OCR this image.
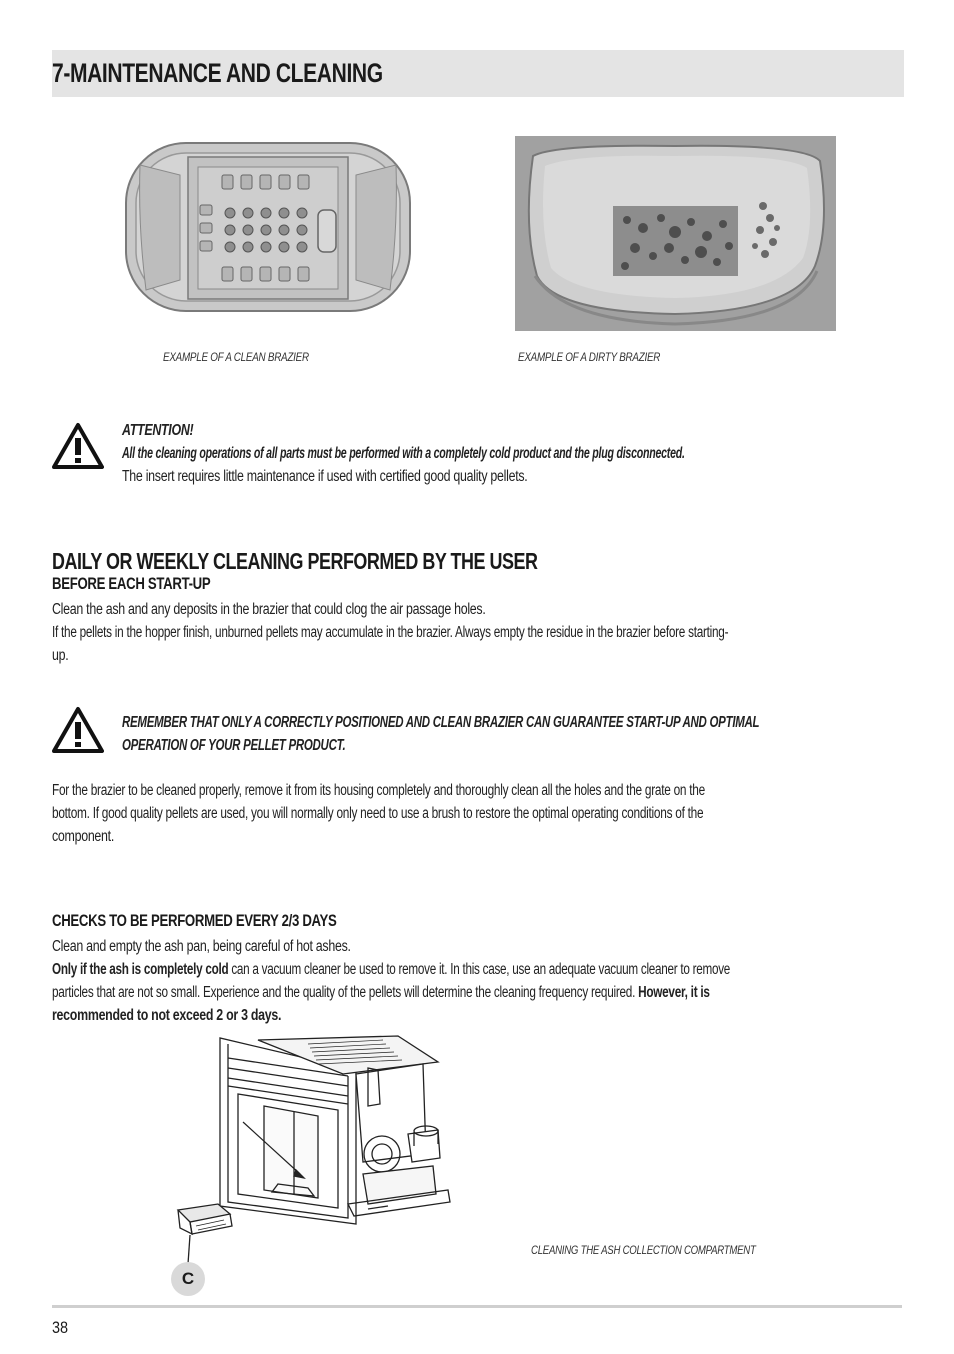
7-MAINTENANCE AND CLEANING
EXAMPLE OF A CLEAN BRAZIER	EXAMPLE OF A DIRTY BRAZIER
ATTENTION!
All the cleaning operations of all parts must be performed with a completely cold product and the plug disconnected.
The insert requires little maintenance if used with certified good quality pellets.
DAILY OR WEEKLY CLEANING PERFORMED BY THE USER
BEFORE EACH START-UP
Clean the ash and any deposits in the brazier that could clog the air passage holes.
If the pellets in the hopper finish, unburned pellets may accumulate in the brazier. Always empty the residue in the brazier before starting-
up.
REMEMBER THAT ONLY A CORRECTLY POSITIONED AND CLEAN BRAZIER CAN GUARANTEE START-UP AND OPTIMAL
OPERATION OF YOUR PELLET PRODUCT.
For the brazier to be cleaned properly, remove it from its housing completely and thoroughly clean all the holes and the grate on the
bottom. If good quality pellets are used, you will normally only need to use a brush to restore the optimal operating conditions of the
component.
CHECKS TO BE PERFORMED EVERY 2/3 DAYS
Clean and empty the ash pan, being careful of hot ashes.
Only if the ash is completely cold can a vacuum cleaner be used to remove it. In this case, use an adequate vacuum cleaner to remove
particles that are not so small. Experience and the quality of the pellets will determine the cleaning frequency required. However, it is
recommended to not exceed 2 or 3 days.
C
CLEANING THE ASH COLLECTION COMPARTMENT
38
